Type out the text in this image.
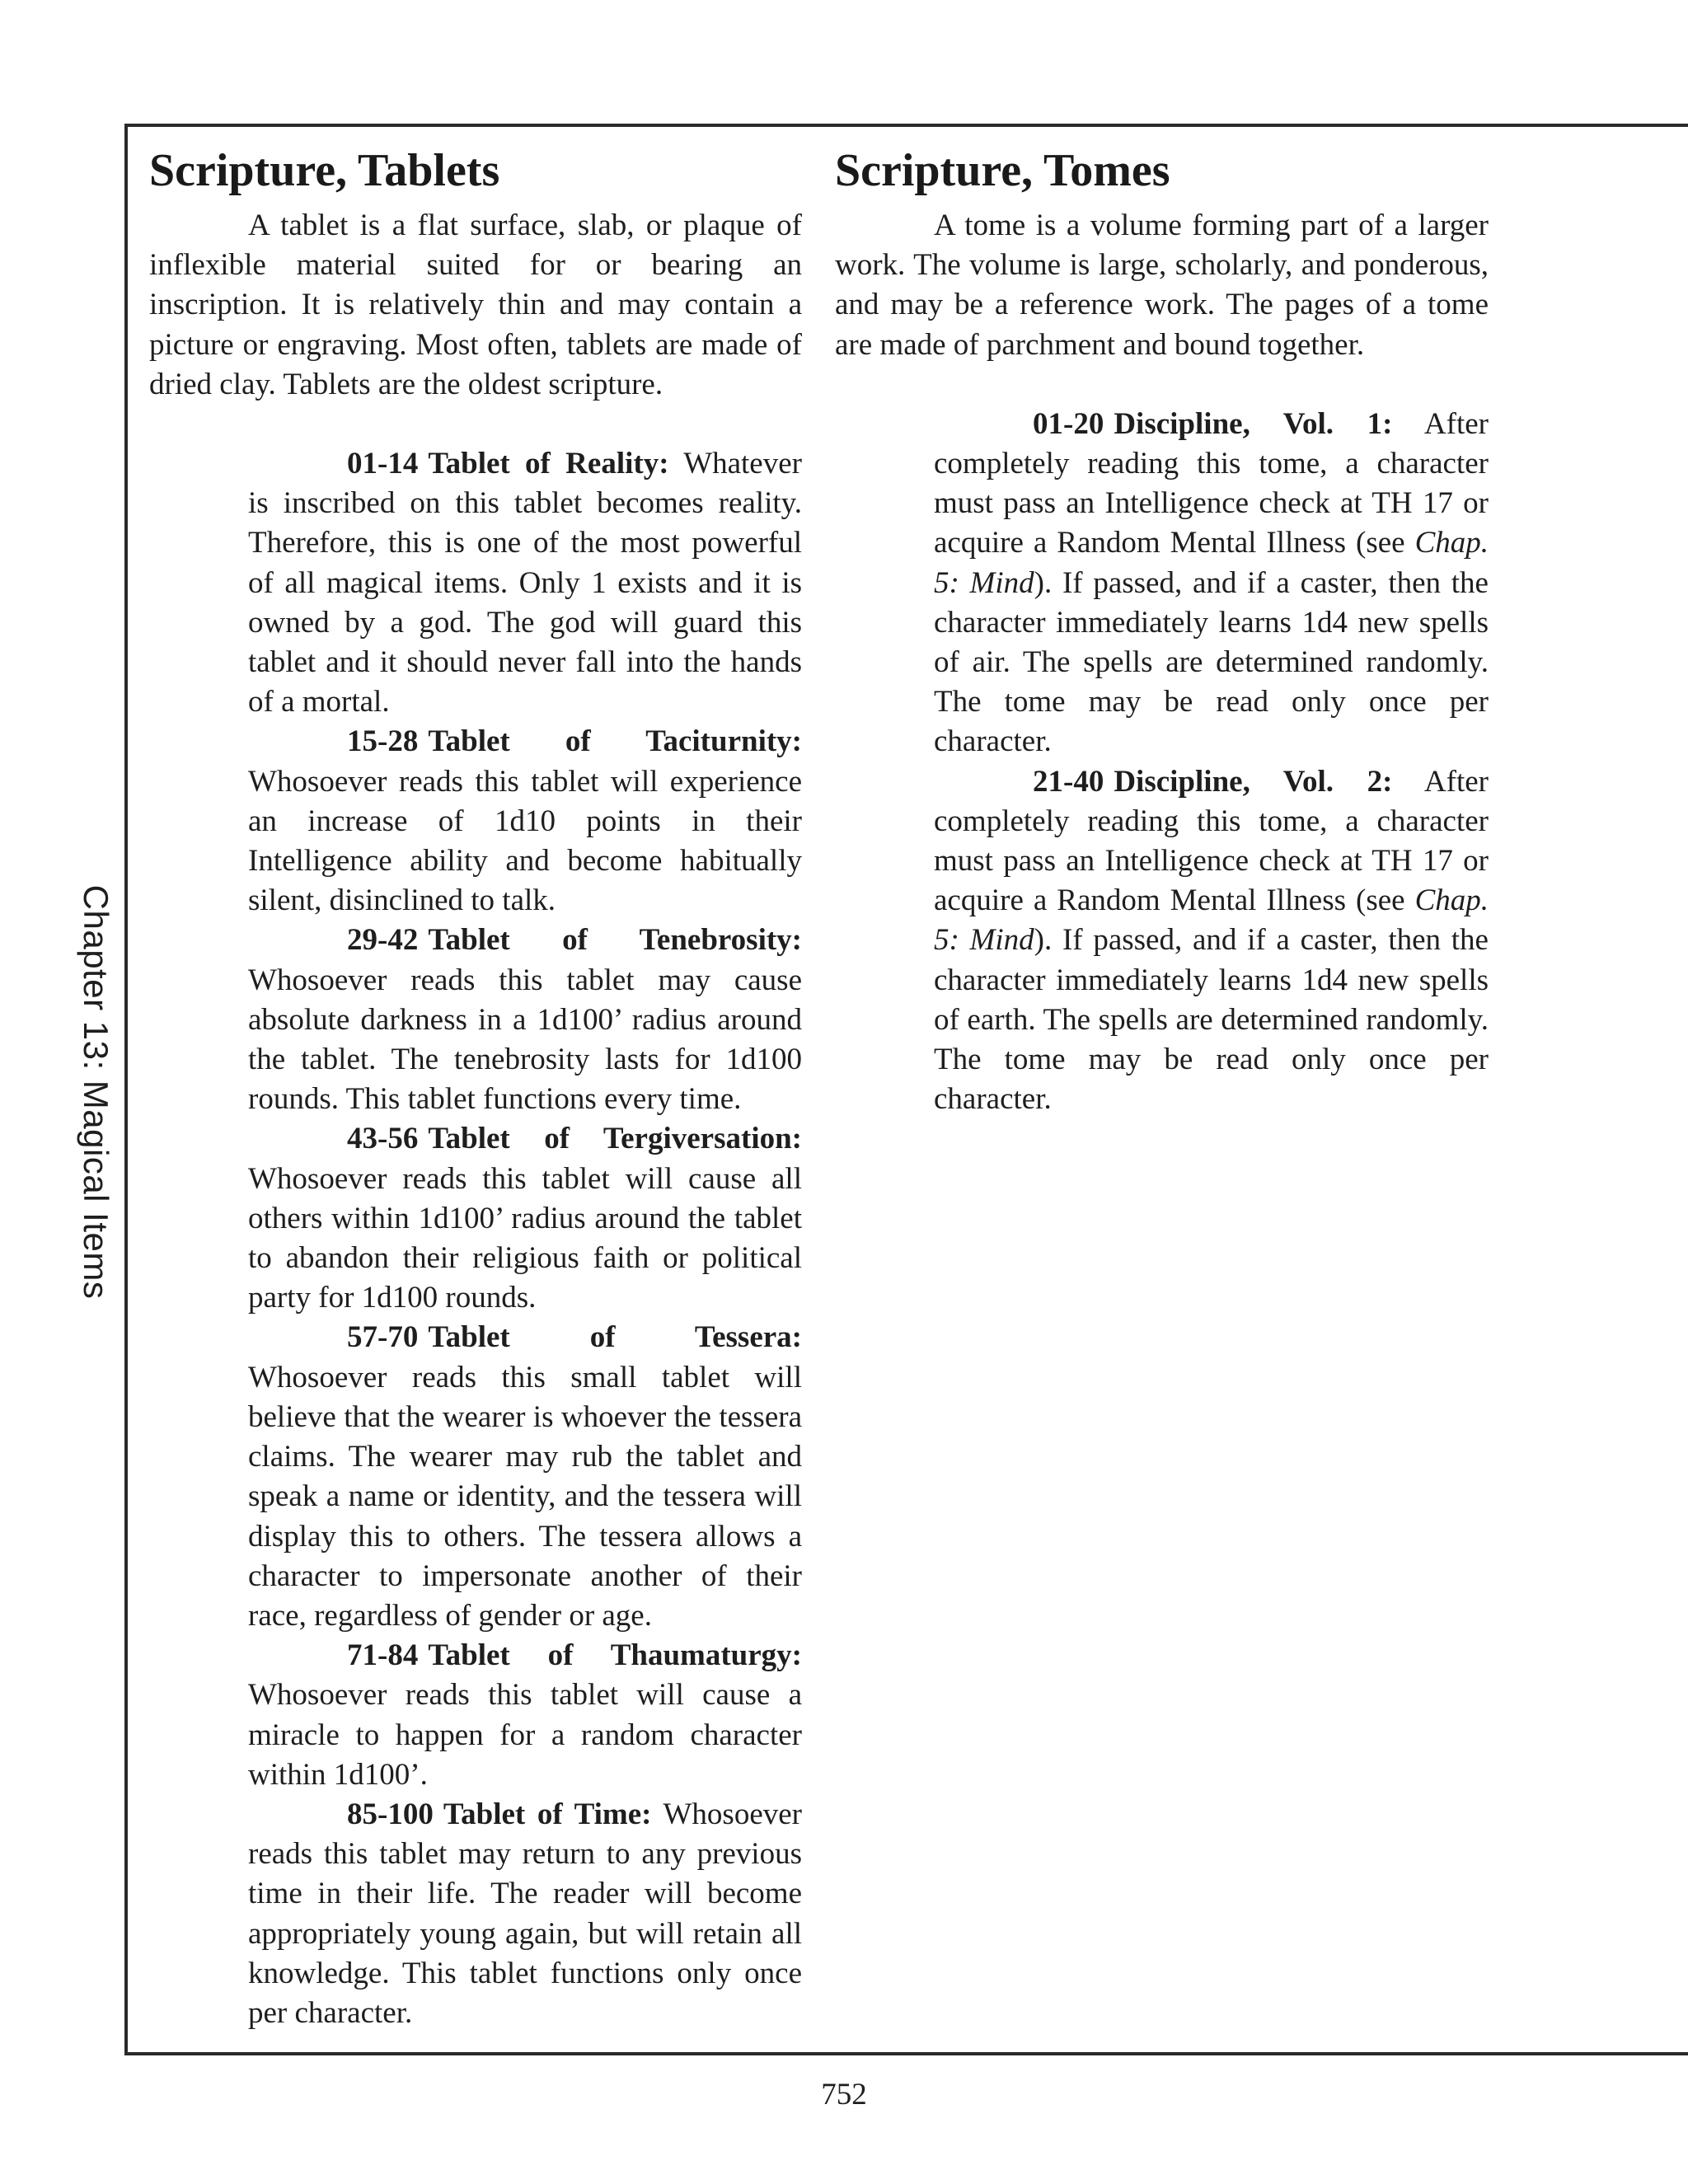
Chapter 13: Magical Items
Scripture, Tablets

A tablet is a flat surface, slab, or plaque of inflexible material suited for or bearing an inscription. It is relatively thin and may contain a picture or engraving. Most often, tablets are made of dried clay. Tablets are the oldest scripture.

01-14 Tablet of Reality: Whatever is inscribed on this tablet becomes reality. Therefore, this is one of the most powerful of all magical items. Only 1 exists and it is owned by a god. The god will guard this tablet and it should never fall into the hands of a mortal.

15-28 Tablet of Taciturnity: Whosoever reads this tablet will experience an increase of 1d10 points in their Intelligence ability and become habitually silent, disinclined to talk.

29-42 Tablet of Tenebrosity: Whosoever reads this tablet may cause absolute darkness in a 1d100’ radius around the tablet. The tenebrosity lasts for 1d100 rounds. This tablet functions every time.

43-56 Tablet of Tergiversation: Whosoever reads this tablet will cause all others within 1d100’ radius around the tablet to abandon their religious faith or political party for 1d100 rounds.

57-70 Tablet of Tessera: Whosoever reads this small tablet will believe that the wearer is whoever the tessera claims. The wearer may rub the tablet and speak a name or identity, and the tessera will display this to others. The tessera allows a character to impersonate another of their race, regardless of gender or age.

71-84 Tablet of Thaumaturgy: Whosoever reads this tablet will cause a miracle to happen for a random character within 1d100’.

85-100 Tablet of Time: Whosoever reads this tablet may return to any previous time in their life. The reader will become appropriately young again, but will retain all knowledge. This tablet functions only once per character.

Scripture, Tomes

A tome is a volume forming part of a larger work. The volume is large, scholarly, and ponderous, and may be a reference work. The pages of a tome are made of parchment and bound together.

01-20 Discipline, Vol. 1: After completely reading this tome, a character must pass an Intelligence check at TH 17 or acquire a Random Mental Illness (see Chap. 5: Mind). If passed, and if a caster, then the character immediately learns 1d4 new spells of air. The spells are determined randomly. The tome may be read only once per character.

21-40 Discipline, Vol. 2: After completely reading this tome, a character must pass an Intelligence check at TH 17 or acquire a Random Mental Illness (see Chap. 5: Mind). If passed, and if a caster, then the character immediately learns 1d4 new spells of earth. The spells are determined randomly. The tome may be read only once per character.

752
